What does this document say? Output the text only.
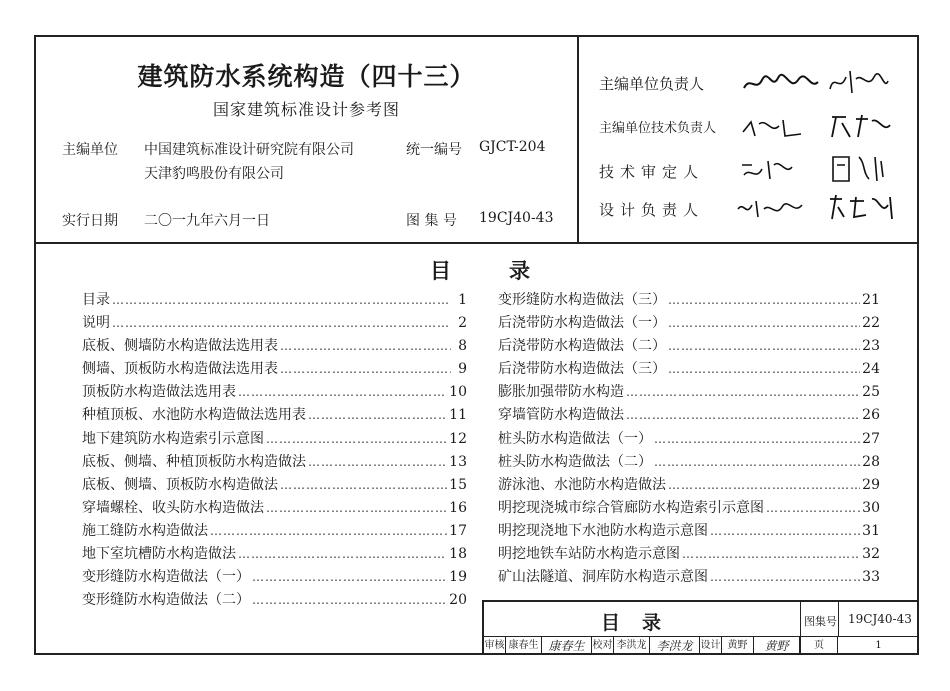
建筑防水系统构造（四十三）
国家建筑标准设计参考图
主编单位 中国建筑标准设计研究院有限公司
天津豹鸣股份有限公司
统一编号 GJCT-204
实行日期 二〇一九年六月一日	图 集 号 19CJ40-43
主编单位负责人
主编单位技术负责人
技术审定人
设计负责人
目录
目录 ……………………………………………………………………………………………………………………	1
说明 ……………………………………………………………………………………………………………………	2
底板、侧墙防水构造做法选用表 ……………………………………………………………………………………………………………………	8
侧墙、顶板防水构造做法选用表 ……………………………………………………………………………………………………………………	9
顶板防水构造做法选用表 ……………………………………………………………………………………………………………………	10
种植顶板、水池防水构造做法选用表 ……………………………………………………………………………………………………………………	11
地下建筑防水构造索引示意图 ……………………………………………………………………………………………………………………	12
底板、侧墙、种植顶板防水构造做法 ……………………………………………………………………………………………………………………	13
底板、侧墙、顶板防水构造做法 ……………………………………………………………………………………………………………………	15
穿墙螺栓、收头防水构造做法 ……………………………………………………………………………………………………………………	16
施工缝防水构造做法 ……………………………………………………………………………………………………………………	17
地下室坑槽防水构造做法 ……………………………………………………………………………………………………………………	18
变形缝防水构造做法（一） ……………………………………………………………………………………………………………………	19
变形缝防水构造做法（二） ……………………………………………………………………………………………………………………	20
变形缝防水构造做法（三） ……………………………………………………………………………………………………………………	21
后浇带防水构造做法（一） ……………………………………………………………………………………………………………………	22
后浇带防水构造做法（二） ……………………………………………………………………………………………………………………	23
后浇带防水构造做法（三） ……………………………………………………………………………………………………………………	24
膨胀加强带防水构造 ……………………………………………………………………………………………………………………	25
穿墙管防水构造做法 ……………………………………………………………………………………………………………………	26
桩头防水构造做法（一） ……………………………………………………………………………………………………………………	27
桩头防水构造做法（二） ……………………………………………………………………………………………………………………	28
游泳池、水池防水构造做法 ……………………………………………………………………………………………………………………	29
明挖现浇城市综合管廊防水构造索引示意图 ……………………………………………………………………………………………………………………	30
明挖现浇地下水池防水构造示意图 ……………………………………………………………………………………………………………………	31
明挖地铁车站防水构造示意图 ……………………………………………………………………………………………………………………	32
矿山法隧道、洞库防水构造示意图 ……………………………………………………………………………………………………………………	33
目录	图集号 19CJ40-43
审核 康春生 康春生 校对 李洪龙 李洪龙 设计 黄野	黄野	页	1
